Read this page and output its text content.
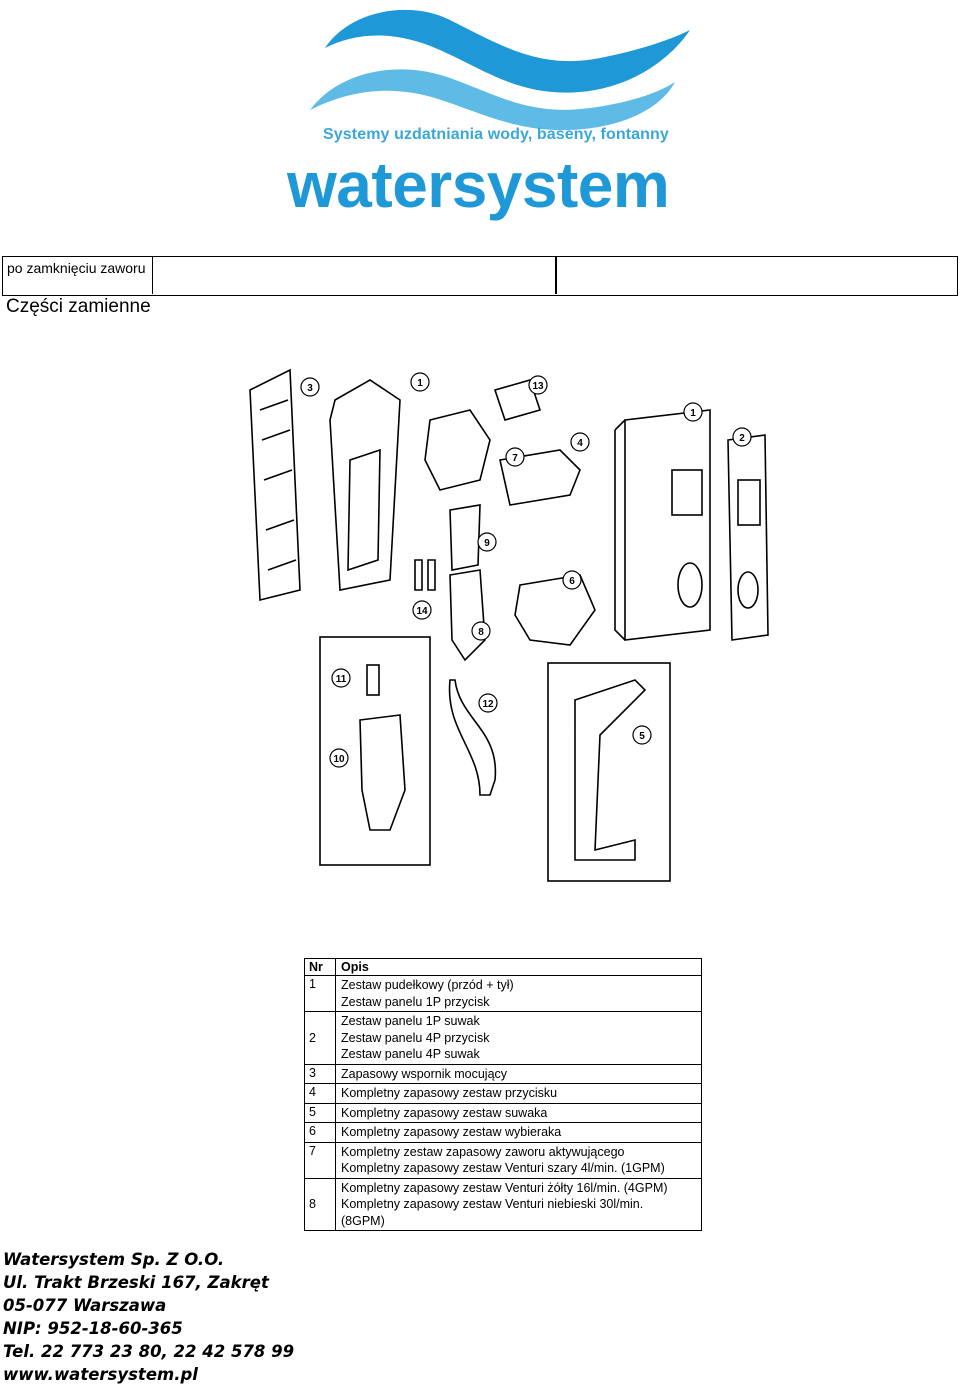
Systemy uzdatniania wody, baseny, fontanny
watersystem
po zamknięciu zaworu
Części zamienne
3	1	13
7
4
1
2
9
14
8
6
11
10
12
5
Nr	Opis
1	Zestaw pudełkowy (przód + tył)
Zestaw panelu 1P przycisk

2	Zestaw panelu 1P suwak
Zestaw panelu 4P przycisk
Zestaw panelu 4P suwak

3	Zapasowy wspornik mocujący

4	Kompletny zapasowy zestaw przycisku

5	Kompletny zapasowy zestaw suwaka

6	Kompletny zapasowy zestaw wybieraka

7	Kompletny zestaw zapasowy zaworu aktywującego
Kompletny zapasowy zestaw Venturi szary 4l/min. (1GPM)

8	Kompletny zapasowy zestaw Venturi żółty 16l/min. (4GPM)
Kompletny zapasowy zestaw Venturi niebieski 30l/min.
(8GPM)
Watersystem Sp. Z O.O.
Ul. Trakt Brzeski 167, Zakręt
05-077 Warszawa
NIP: 952-18-60-365
Tel. 22 773 23 80, 22 42 578 99
www.watersystem.pl
